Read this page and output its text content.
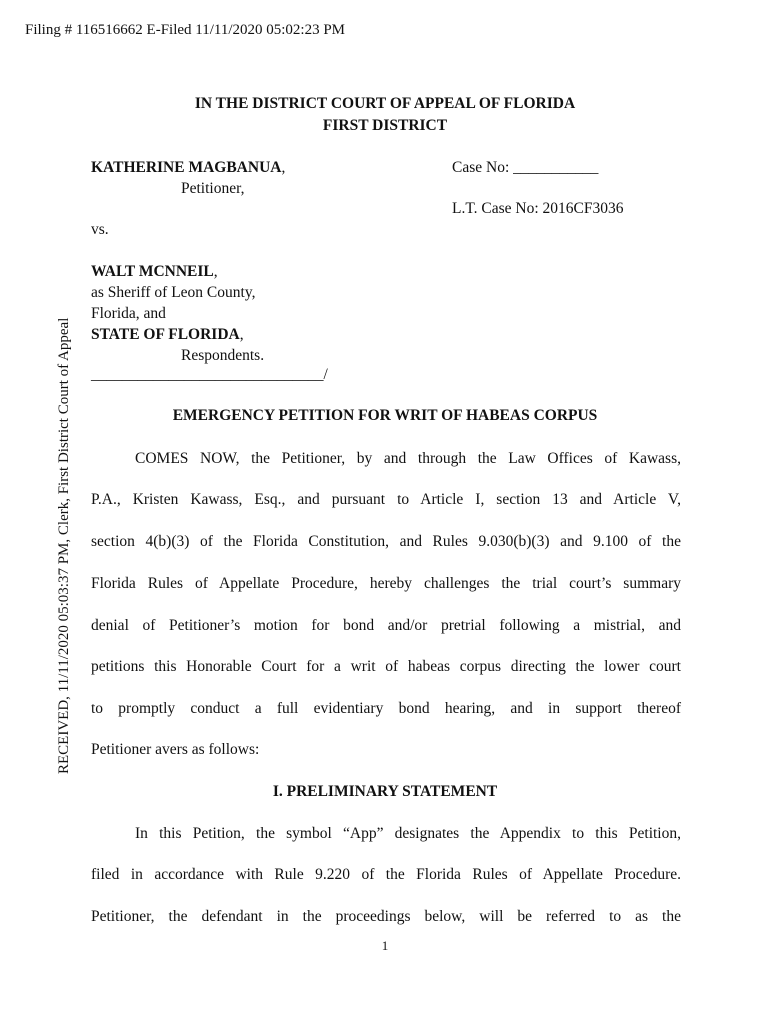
Filing # 116516662 E-Filed 11/11/2020 05:02:23 PM
RECEIVED, 11/11/2020 05:03:37 PM, Clerk, First District Court of Appeal
IN THE DISTRICT COURT OF APPEAL OF FLORIDA
FIRST DISTRICT
KATHERINE MAGBANUA,
Petitioner,
Case No: ___________
L.T. Case No: 2016CF3036
vs.
WALT MCNNEIL,
as Sheriff of Leon County,
Florida, and
STATE OF FLORIDA,
Respondents.
______________________________/
EMERGENCY PETITION FOR WRIT OF HABEAS CORPUS
COMES NOW, the Petitioner, by and through the Law Offices of Kawass,
P.A., Kristen Kawass, Esq., and pursuant to Article I, section 13 and Article V,
section 4(b)(3) of the Florida Constitution, and Rules 9.030(b)(3) and 9.100 of the
Florida Rules of Appellate Procedure, hereby challenges the trial court’s summary
denial of Petitioner’s motion for bond and/or pretrial following a mistrial, and
petitions this Honorable Court for a writ of habeas corpus directing the lower court
to promptly conduct a full evidentiary bond hearing, and in support thereof
Petitioner avers as follows:
I. PRELIMINARY STATEMENT
In this Petition, the symbol “App” designates the Appendix to this Petition,
filed in accordance with Rule 9.220 of the Florida Rules of Appellate Procedure.
Petitioner, the defendant in the proceedings below, will be referred to as the
1
